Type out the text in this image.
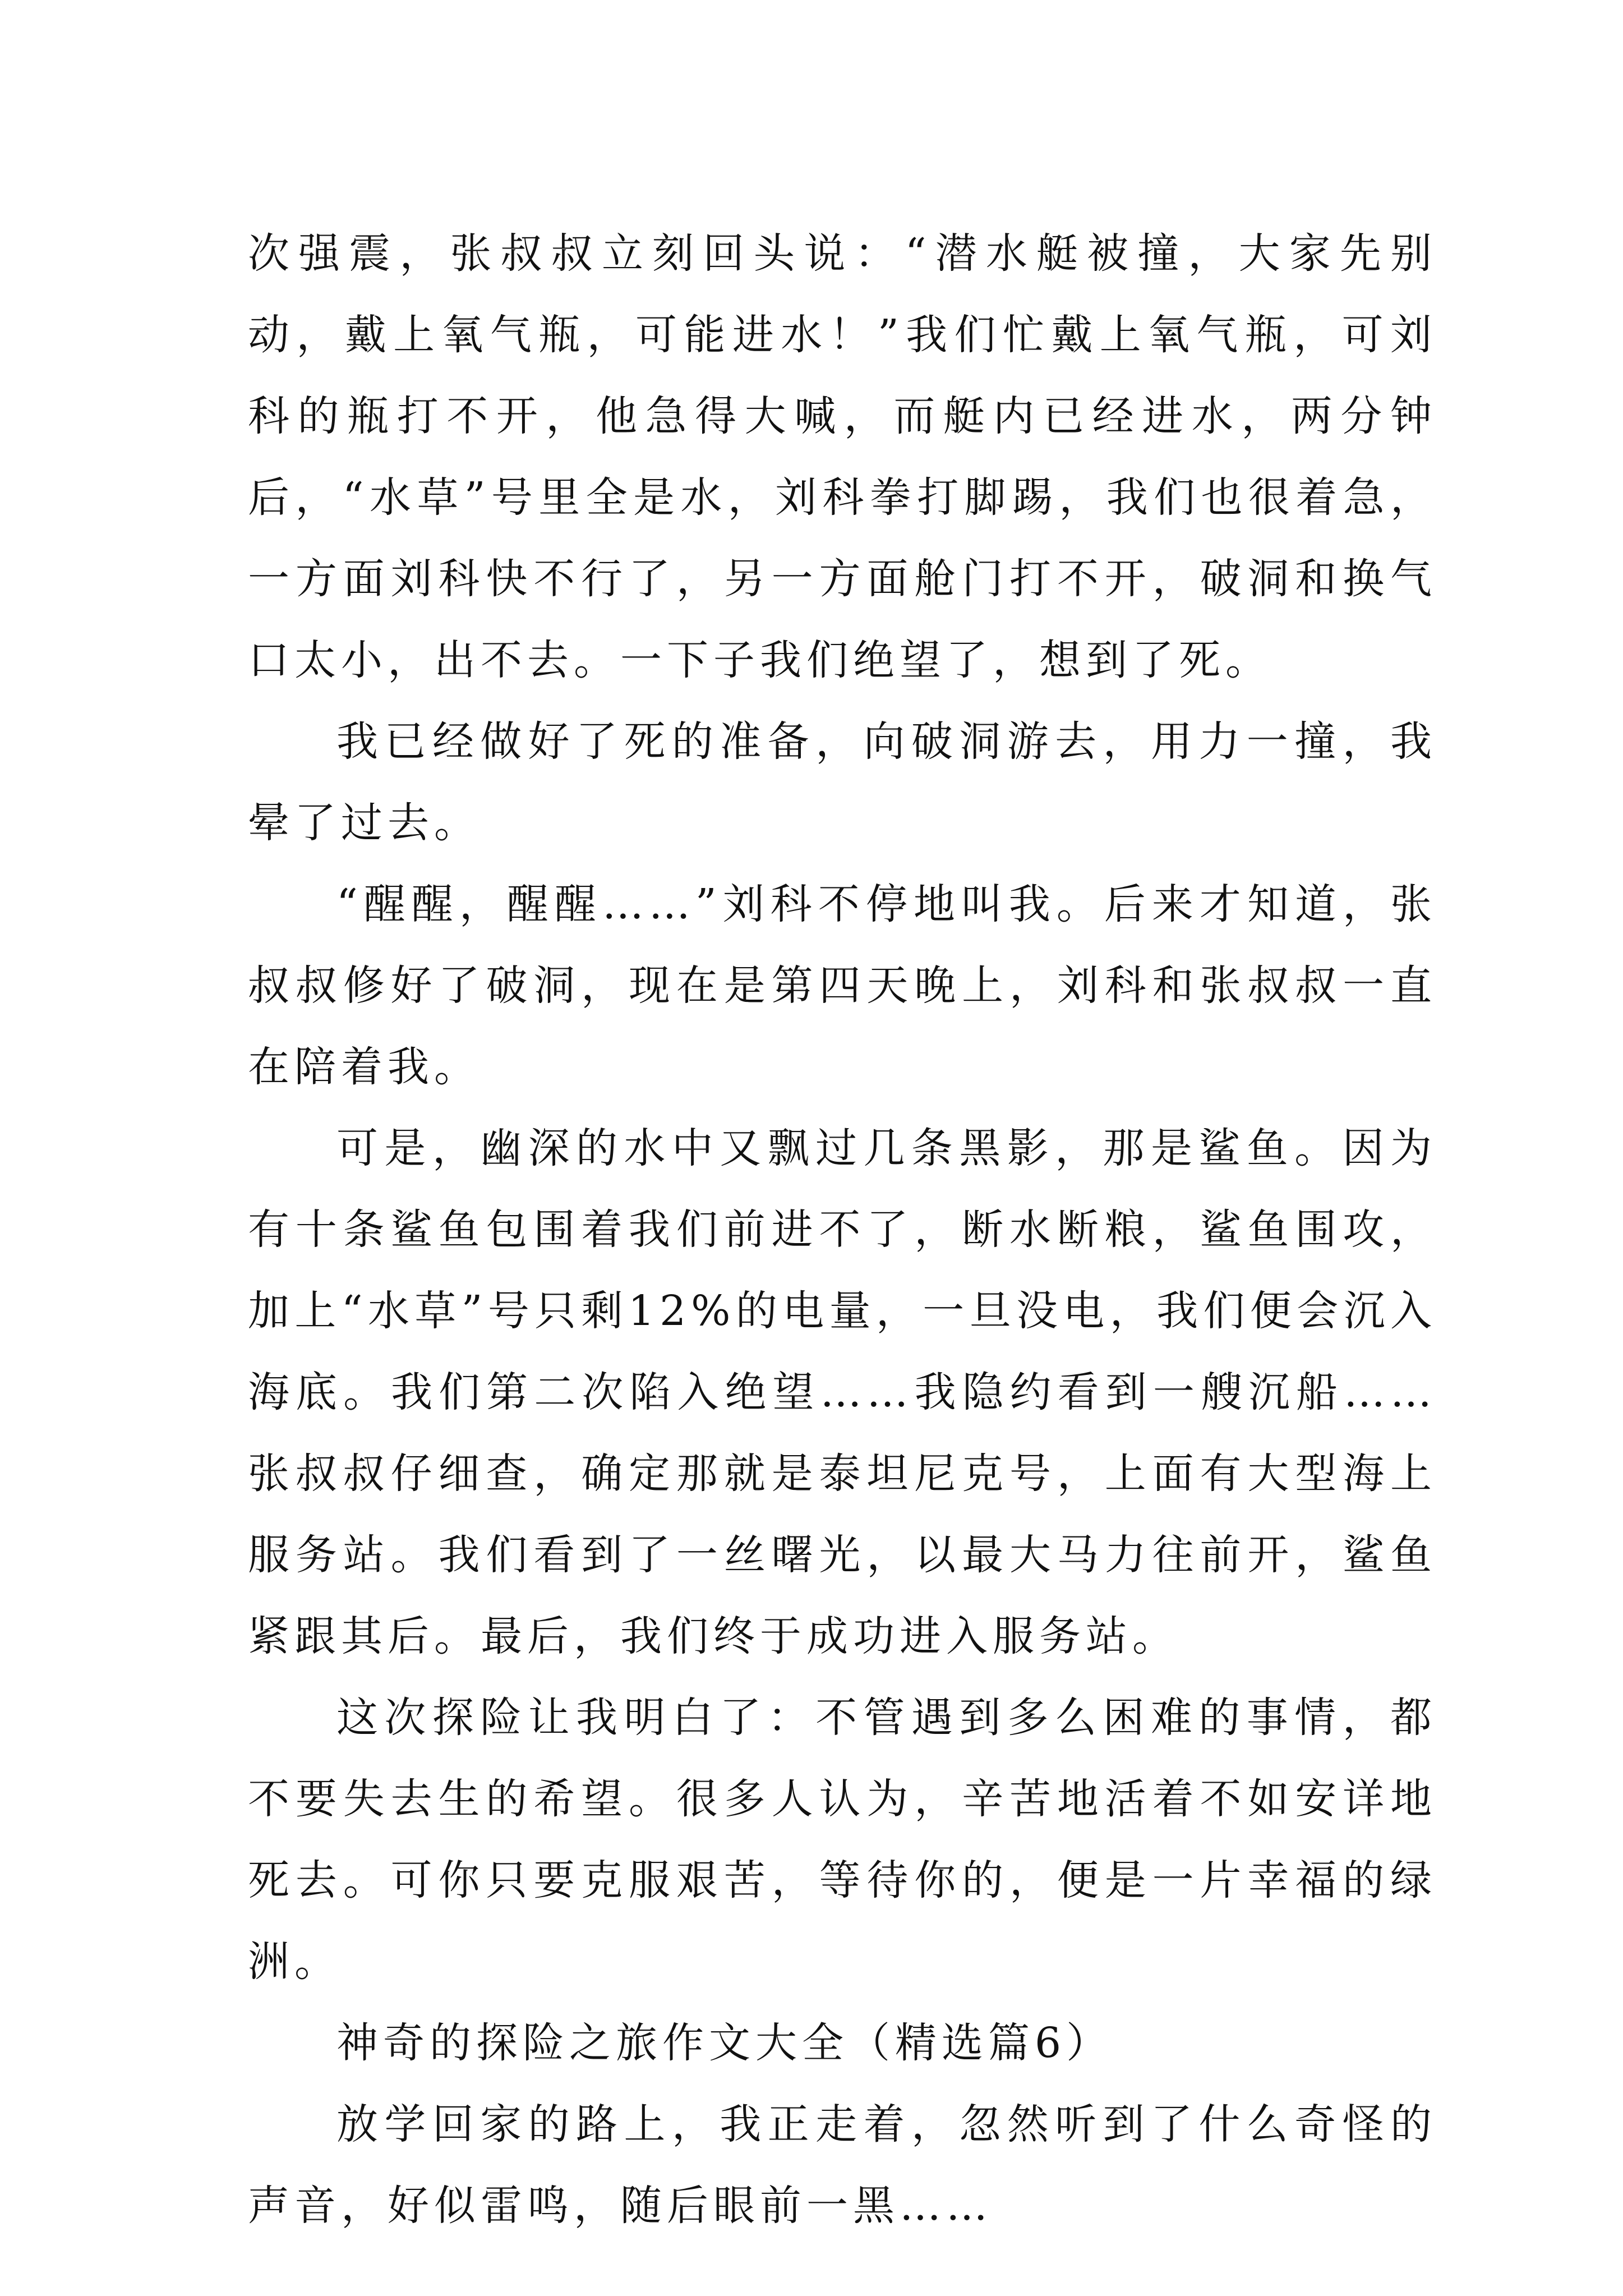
次强震，张叔叔立刻回头说：“潜水艇被撞，大家先别动，戴上氧气瓶，可能进水！”我们忙戴上氧气瓶，可刘科的瓶打不开，他急得大喊，而艇内已经进水，两分钟后，“水草”号里全是水，刘科拳打脚踢，我们也很着急，一方面刘科快不行了，另一方面舱门打不开，破洞和换气口太小，出不去。一下子我们绝望了，想到了死。

我已经做好了死的准备，向破洞游去，用力一撞，我晕了过去。

“醒醒，醒醒……”刘科不停地叫我。后来才知道，张叔叔修好了破洞，现在是第四天晚上，刘科和张叔叔一直在陪着我。

可是，幽深的水中又飘过几条黑影，那是鲨鱼。因为有十条鲨鱼包围着我们前进不了，断水断粮，鲨鱼围攻，加上“水草”号只剩12%的电量，一旦没电，我们便会沉入海底。我们第二次陷入绝望……我隐约看到一艘沉船……张叔叔仔细查，确定那就是泰坦尼克号，上面有大型海上服务站。我们看到了一丝曙光，以最大马力往前开，鲨鱼紧跟其后。最后，我们终于成功进入服务站。

这次探险让我明白了：不管遇到多么困难的事情，都不要失去生的希望。很多人认为，辛苦地活着不如安详地死去。可你只要克服艰苦，等待你的，便是一片幸福的绿洲。

神奇的探险之旅作文大全（精选篇6）

放学回家的路上，我正走着，忽然听到了什么奇怪的声音，好似雷鸣，随后眼前一黑……
